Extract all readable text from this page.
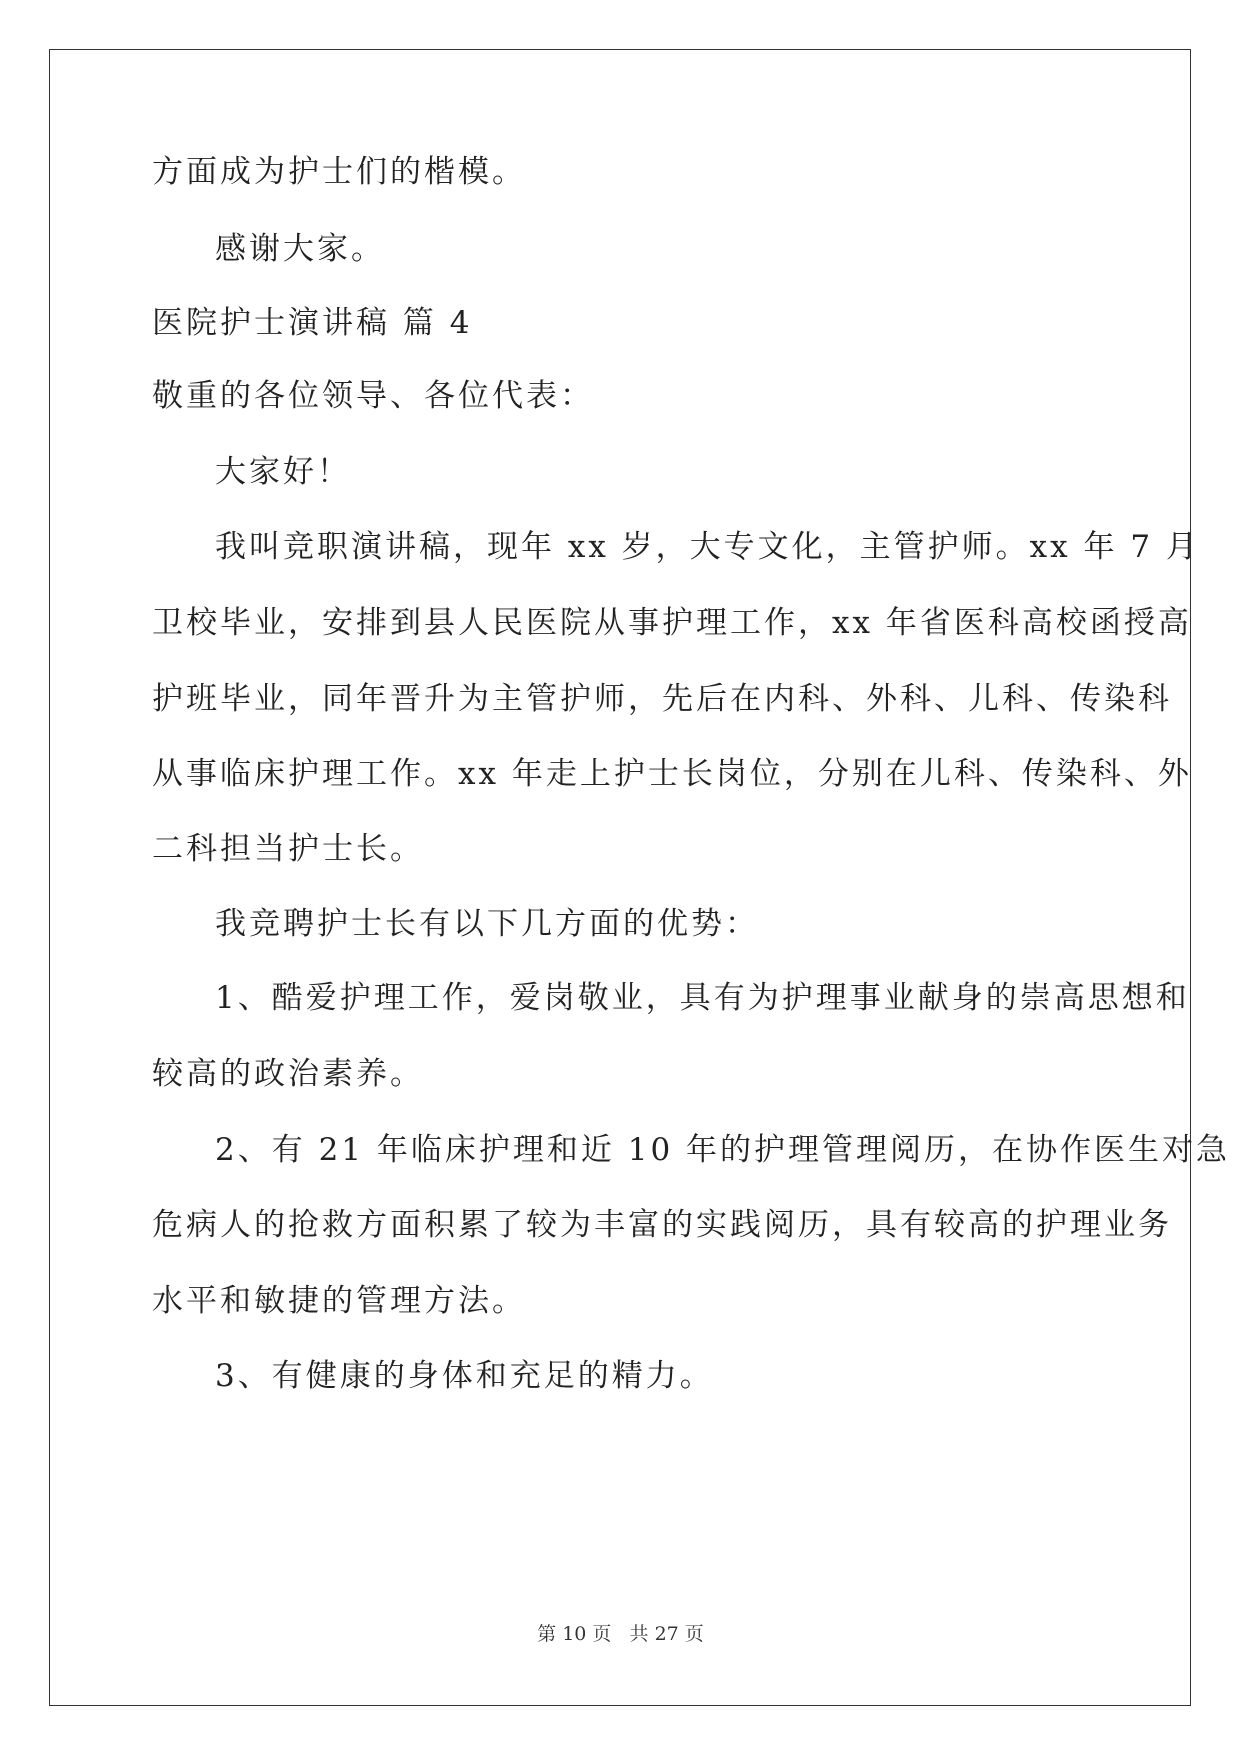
方面成为护士们的楷模。
感谢大家。
医院护士演讲稿 篇 4
敬重的各位领导、各位代表：
大家好！
我叫竞职演讲稿，现年 xx 岁，大专文化，主管护师。xx 年 7 月
卫校毕业，安排到县人民医院从事护理工作，xx 年省医科高校函授高
护班毕业，同年晋升为主管护师，先后在内科、外科、儿科、传染科
从事临床护理工作。xx 年走上护士长岗位，分别在儿科、传染科、外
二科担当护士长。
我竞聘护士长有以下几方面的优势：
1、酷爱护理工作，爱岗敬业，具有为护理事业献身的崇高思想和
较高的政治素养。
2、有 21 年临床护理和近 10 年的护理管理阅历，在协作医生对急
危病人的抢救方面积累了较为丰富的实践阅历，具有较高的护理业务
水平和敏捷的管理方法。
3、有健康的身体和充足的精力。
第 10 页   共 27 页
